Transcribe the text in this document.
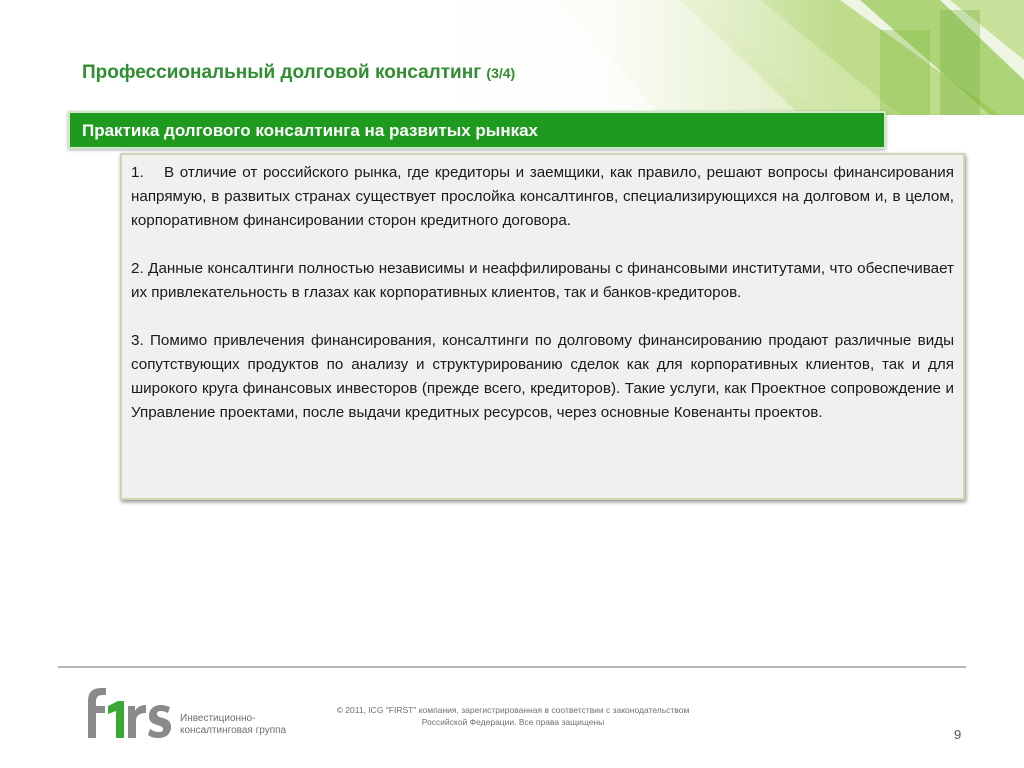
Профессиональный долговой консалтинг (3/4)
Практика долгового консалтинга на развитых рынках

1. В отличие от российского рынка, где кредиторы и заемщики, как правило, решают вопросы финансирования напрямую, в развитых странах существует прослойка консалтингов, специализирующихся на долговом и, в целом, корпоративном финансировании сторон кредитного договора.

2. Данные консалтинги полностью независимы и неаффилированы с финансовыми институтами, что обеспечивает их привлекательность в глазах как корпоративных клиентов, так и банков-кредиторов.

3. Помимо привлечения финансирования, консалтинги по долговому финансированию продают различные виды сопутствующих продуктов по анализу и структурированию сделок как для корпоративных клиентов, так и для широкого круга финансовых инвесторов (прежде всего, кредиторов). Такие услуги, как Проектное сопровождение и Управление проектами, после выдачи кредитных ресурсов, через основные Ковенанты проектов.

Инвестиционно-
консалтинговая группа
© 2011, ICG "FIRST" компания, зарегистрированная в соответствии с законодательством
Российской Федерации. Все права защищены
9
